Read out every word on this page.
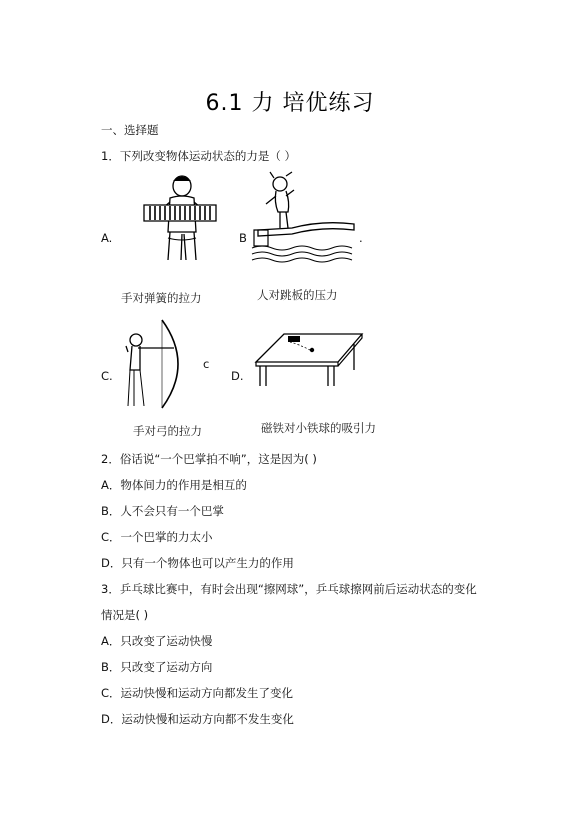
6.1 力 培优练习
一、选择题
1．下列改变物体运动状态的力是（ ）
A.
手对弹簧的拉力
B	.
人对跳板的压力
C.
c
手对弓的拉力
D.
磁铁对小铁球的吸引力
2．俗话说“一个巴掌拍不响”，这是因为( )
A．物体间力的作用是相互的
B．人不会只有一个巴掌
C．一个巴掌的力太小
D．只有一个物体也可以产生力的作用
3．乒乓球比赛中，有时会出现“擦网球”，乒乓球擦网前后运动状态的变化
情况是( )
A．只改变了运动快慢
B．只改变了运动方向
C．运动快慢和运动方向都发生了变化
D．运动快慢和运动方向都不发生变化
